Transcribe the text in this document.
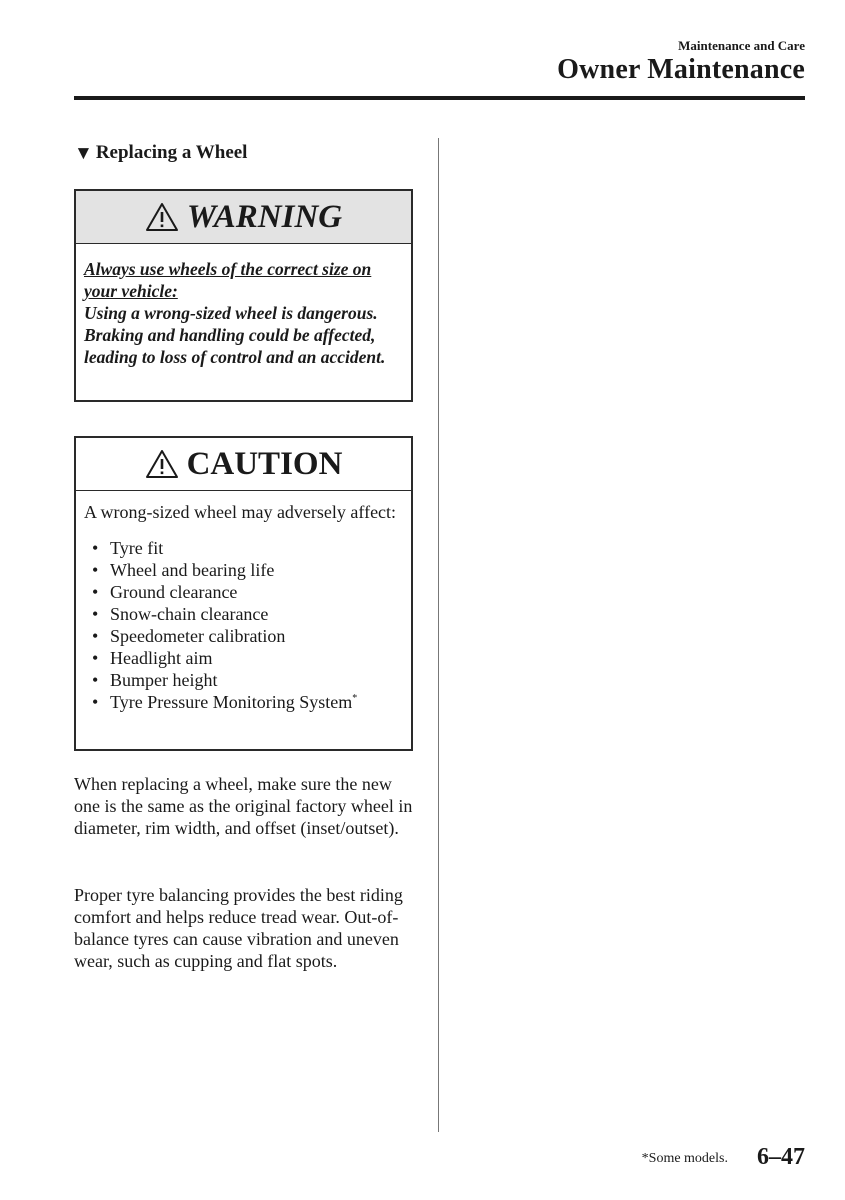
Maintenance and Care
Owner Maintenance
▼ Replacing a Wheel
WARNING
Always use wheels of the correct size on your vehicle:
Using a wrong-sized wheel is dangerous. Braking and handling could be affected, leading to loss of control and an accident.
CAUTION
A wrong-sized wheel may adversely affect:
• Tyre fit
• Wheel and bearing life
• Ground clearance
• Snow-chain clearance
• Speedometer calibration
• Headlight aim
• Bumper height
• Tyre Pressure Monitoring System*
When replacing a wheel, make sure the new one is the same as the original factory wheel in diameter, rim width, and offset (inset/outset).
Proper tyre balancing provides the best riding comfort and helps reduce tread wear. Out-of-balance tyres can cause vibration and uneven wear, such as cupping and flat spots.
*Some models. 6–47
